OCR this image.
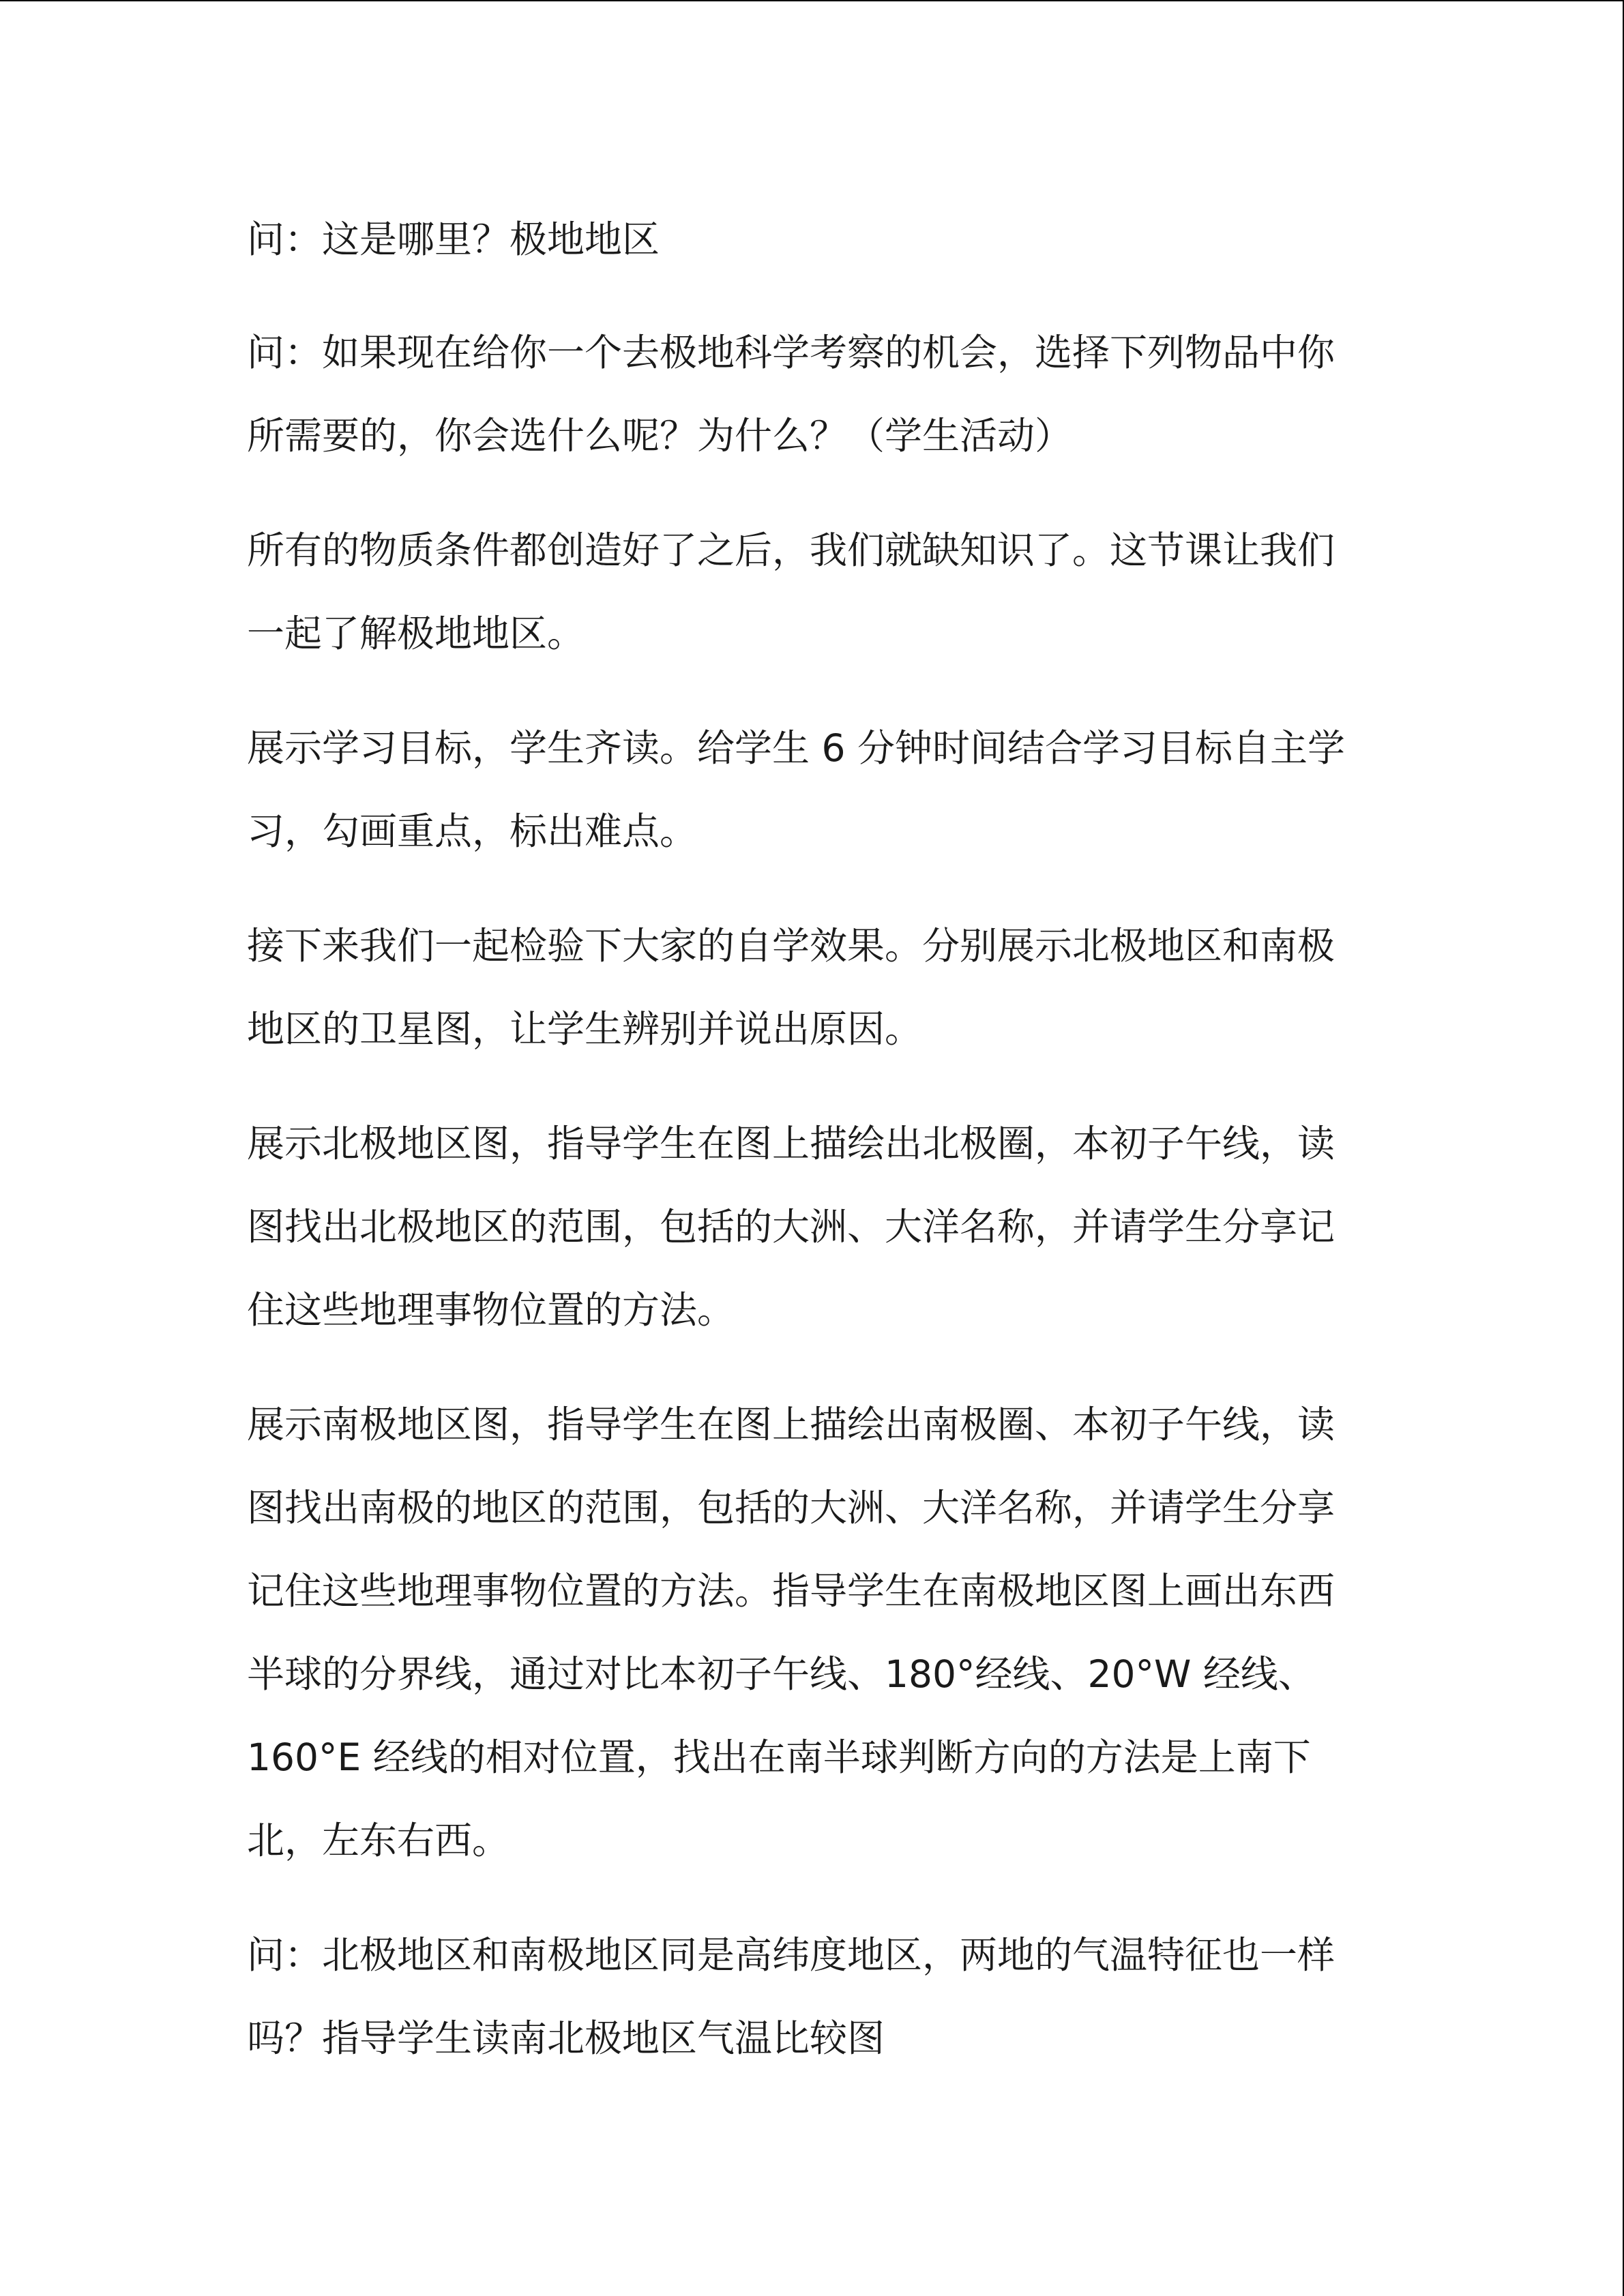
问：这是哪里？极地地区
问：如果现在给你一个去极地科学考察的机会，选择下列物品中你
所需要的，你会选什么呢？为什么？（学生活动）
所有的物质条件都创造好了之后，我们就缺知识了。这节课让我们
一起了解极地地区。
展示学习目标，学生齐读。给学生 6 分钟时间结合学习目标自主学
习，勾画重点，标出难点。
接下来我们一起检验下大家的自学效果。分别展示北极地区和南极
地区的卫星图，让学生辨别并说出原因。
展示北极地区图，指导学生在图上描绘出北极圈，本初子午线，读
图找出北极地区的范围，包括的大洲、大洋名称，并请学生分享记
住这些地理事物位置的方法。
展示南极地区图，指导学生在图上描绘出南极圈、本初子午线，读
图找出南极的地区的范围，包括的大洲、大洋名称，并请学生分享
记住这些地理事物位置的方法。指导学生在南极地区图上画出东西
半球的分界线，通过对比本初子午线、180°经线、20°W 经线、
160°E 经线的相对位置，找出在南半球判断方向的方法是上南下
北，左东右西。
问：北极地区和南极地区同是高纬度地区，两地的气温特征也一样
吗？指导学生读南北极地区气温比较图
